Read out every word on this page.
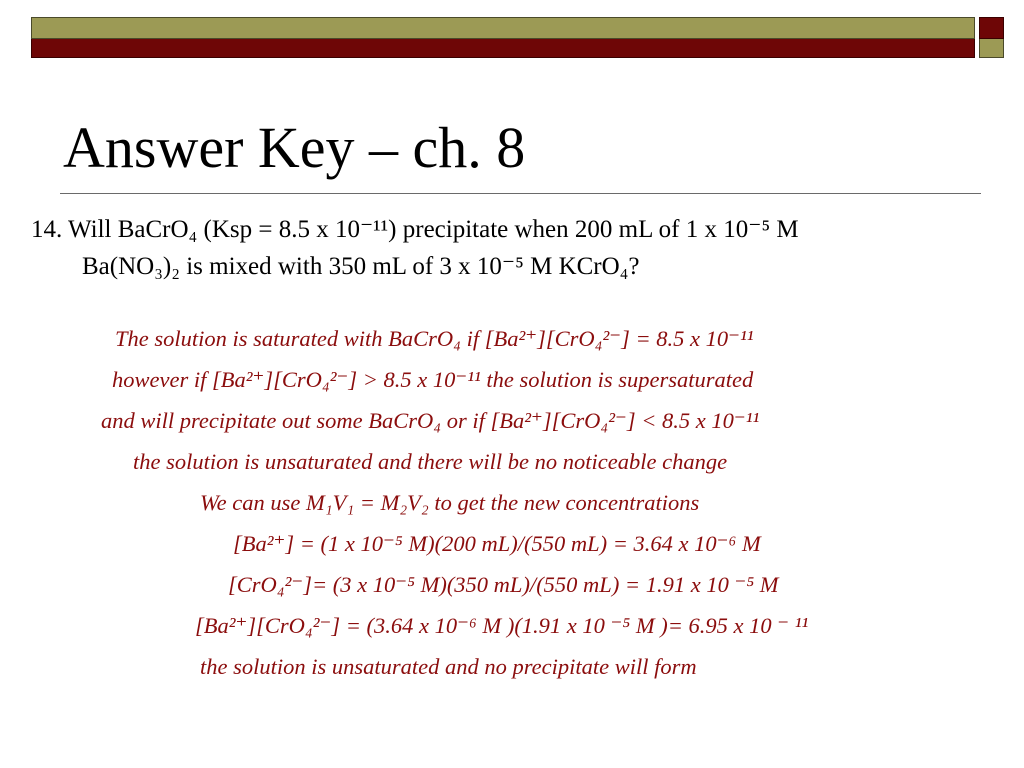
Answer Key – ch. 8
14. Will BaCrO₄ (Ksp = 8.5 x 10⁻¹¹) precipitate when 200 mL of 1 x 10⁻⁵ M
Ba(NO₃)₂ is mixed with 350 mL of 3 x 10⁻⁵ M KCrO₄?
The solution is saturated with BaCrO₄ if [Ba²⁺][CrO₄²⁻] = 8.5 x 10⁻¹¹
however if [Ba²⁺][CrO₄²⁻] > 8.5 x 10⁻¹¹ the solution is supersaturated
and will precipitate out some BaCrO₄ or if [Ba²⁺][CrO₄²⁻] < 8.5 x 10⁻¹¹
the solution is unsaturated and there will be no noticeable change
We can use M₁V₁ = M₂V₂ to get the new concentrations
[Ba²⁺] = (1 x 10⁻⁵ M)(200 mL)/(550 mL) = 3.64 x 10⁻⁶ M
[CrO₄²⁻]= (3 x 10⁻⁵ M)(350 mL)/(550 mL) = 1.91 x 10 ⁻⁵ M
[Ba²⁺][CrO₄²⁻] = (3.64 x 10⁻⁶ M )(1.91 x 10 ⁻⁵ M )= 6.95 x 10 ⁻ ¹¹
the solution is unsaturated and no precipitate will form
